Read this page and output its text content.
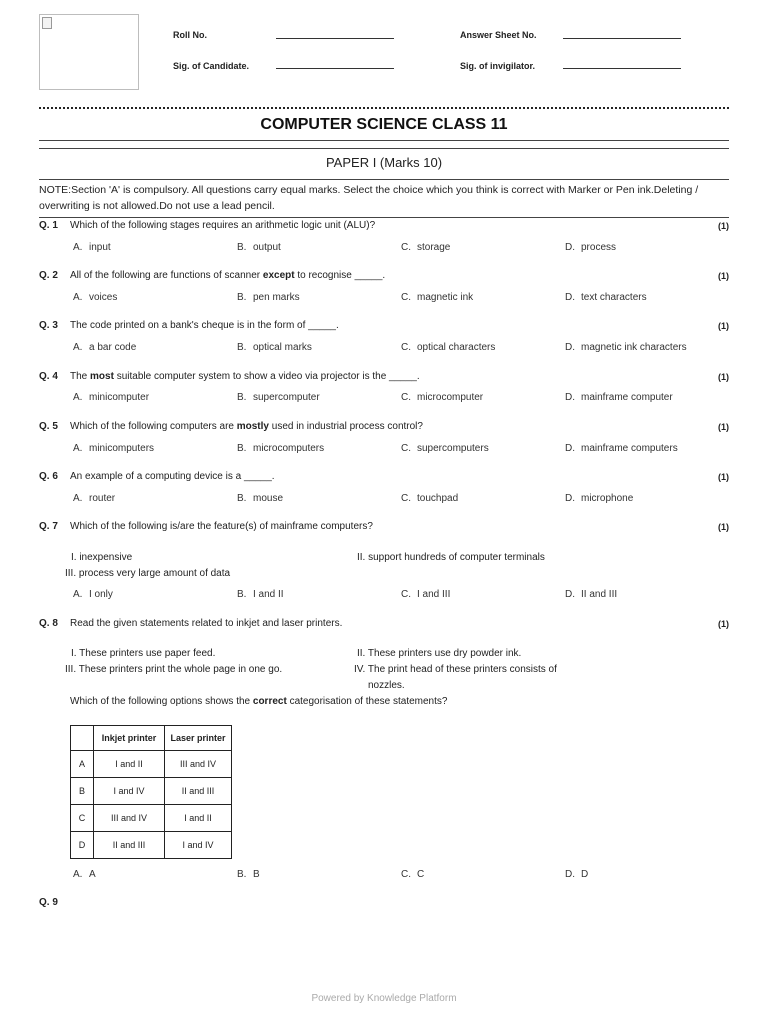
Roll No.	Answer Sheet No.
Sig. of Candidate.	Sig. of invigilator.
COMPUTER SCIENCE CLASS 11
PAPER I (Marks 10)
NOTE:Section 'A' is compulsory. All questions carry equal marks. Select the choice which you think is correct with Marker or Pen ink.Deleting / overwriting is not allowed.Do not use a lead pencil.
Q. 1 Which of the following stages requires an arithmetic logic unit (ALU)?	(1)
A. input	B. output	C. storage	D. process
Q. 2 All of the following are functions of scanner except to recognise _____.	(1)
A. voices	B. pen marks	C. magnetic ink	D. text characters
Q. 3 The code printed on a bank's cheque is in the form of _____.	(1)
A. a bar code	B. optical marks	C. optical characters	D. magnetic ink characters
Q. 4 The most suitable computer system to show a video via projector is the _____.	(1)
A. minicomputer	B. supercomputer	C. microcomputer	D. mainframe computer
Q. 5 Which of the following computers are mostly used in industrial process control?	(1)
A. minicomputers	B. microcomputers	C. supercomputers	D. mainframe computers
Q. 6 An example of a computing device is a _____.	(1)
A. router	B. mouse	C. touchpad	D. microphone
Q. 7 Which of the following is/are the feature(s) of mainframe computers?	(1)
I. inexpensive	II. support hundreds of computer terminals
III. process very large amount of data
A. I only	B. I and II	C. I and III	D. II and III
Q. 8 Read the given statements related to inkjet and laser printers.	(1)
I. These printers use paper feed.	II. These printers use dry powder ink.
III. These printers print the whole page in one go.	IV. The print head of these printers consists of
nozzles.
Which of the following options shows the correct categorisation of these statements?
	Inkjet printer	Laser printer
A	I and II	III and IV
B	I and IV	II and III
C	III and IV	I and II
D	II and III	I and IV
A. A	B. B	C. C	D. D
Q. 9
Powered by Knowledge Platform
